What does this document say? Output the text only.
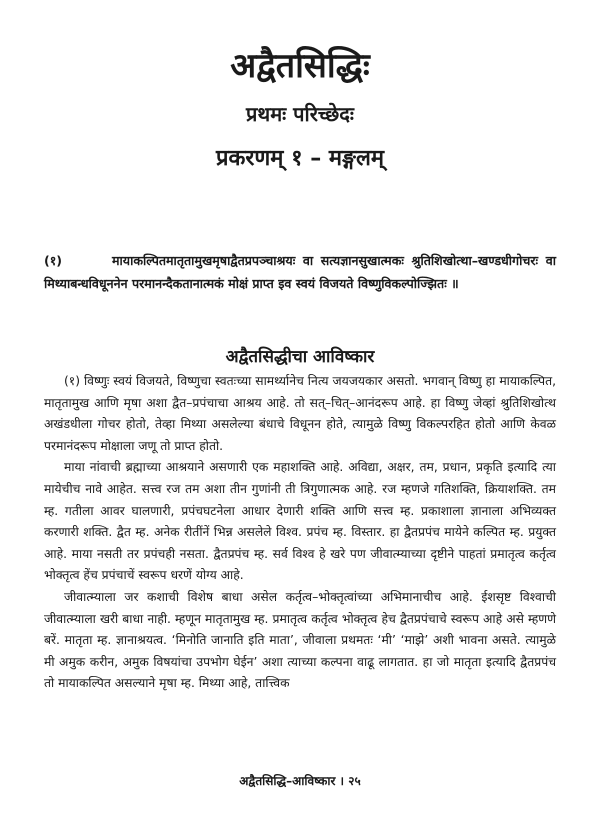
अद्वैतसिद्धिः
प्रथमः परिच्छेदः
प्रकरणम् १ – मङ्गलम्
(१)	मायाकल्पितमातृतामुखमृषाद्वैतप्रपञ्चाश्रयः वा सत्यज्ञानसुखात्मकः श्रुतिशिखोत्था–खण्डधीगोचरः वा मिथ्याबन्धविधूननेन परमानन्दैकतानात्मकं मोक्षं प्राप्त इव स्वयं विजयते विष्णुविकल्पोज्झितः ॥
अद्वैतसिद्धीचा आविष्कार

(१) विष्णुः स्वयं विजयते, विष्णुचा स्वतःच्या सामर्थ्यानेच नित्य जयजयकार असतो. भगवान् विष्णु हा मायाकल्पित, मातृतामुख आणि मृषा अशा द्वैत–प्रपंचाचा आश्रय आहे. तो सत्–चित्–आनंदरूप आहे. हा विष्णु जेव्हां श्रुतिशिखोत्थ अखंडधीला गोचर होतो, तेव्हा मिथ्या असलेल्या बंधाचे विधूनन होते, त्यामुळे विष्णु विकल्परहित होतो आणि केवळ परमानंदरूप मोक्षाला जणू तो प्राप्त होतो.

माया नांवाची ब्रह्माच्या आश्रयाने असणारी एक महाशक्ति आहे. अविद्या, अक्षर, तम, प्रधान, प्रकृति इत्यादि त्या मायेचीच नावे आहेत. सत्त्व रज तम अशा तीन गुणांनी ती त्रिगुणात्मक आहे. रज म्हणजे गतिशक्ति, क्रियाशक्ति. तम म्ह. गतीला आवर घालणारी, प्रपंचघटनेला आधार देणारी शक्ति आणि सत्त्व म्ह. प्रकाशाला ज्ञानाला अभिव्यक्त करणारी शक्ति. द्वैत म्ह. अनेक रीतींनें भिन्न असलेले विश्व. प्रपंच म्ह. विस्तार. हा द्वैतप्रपंच मायेने कल्पित म्ह. प्रयुक्त आहे. माया नसती तर प्रपंचही नसता. द्वैतप्रपंच म्ह. सर्व विश्व हे खरे पण जीवात्म्याच्या दृष्टीने पाहतां प्रमातृत्व कर्तृत्व भोक्तृत्व हेंच प्रपंचाचें स्वरूप धरणें योग्य आहे.

जीवात्म्याला जर कशाची विशेष बाधा असेल कर्तृत्व–भोक्तृत्वांच्या अभिमानाचीच आहे. ईशसृष्ट विश्वाची जीवात्म्याला खरी बाधा नाही. म्हणून मातृतामुख म्ह. प्रमातृत्व कर्तृत्व भोक्तृत्व हेच द्वैतप्रपंचाचे स्वरूप आहे असे म्हणणे बरें. मातृता म्ह. ज्ञानाश्रयत्व. ‘मिनोति जानाति इति माता’, जीवाला प्रथमतः ‘मी’ ‘माझे’ अशी भावना असते. त्यामुळे मी अमुक करीन, अमुक विषयांचा उपभोग घेईन’ अशा त्याच्या कल्पना वाढू लागतात. हा जो मातृता इत्यादि द्वैतप्रपंच तो मायाकल्पित असल्याने मृषा म्ह. मिथ्या आहे, तात्त्विक

अद्वैतसिद्धि–आविष्कार । २५
